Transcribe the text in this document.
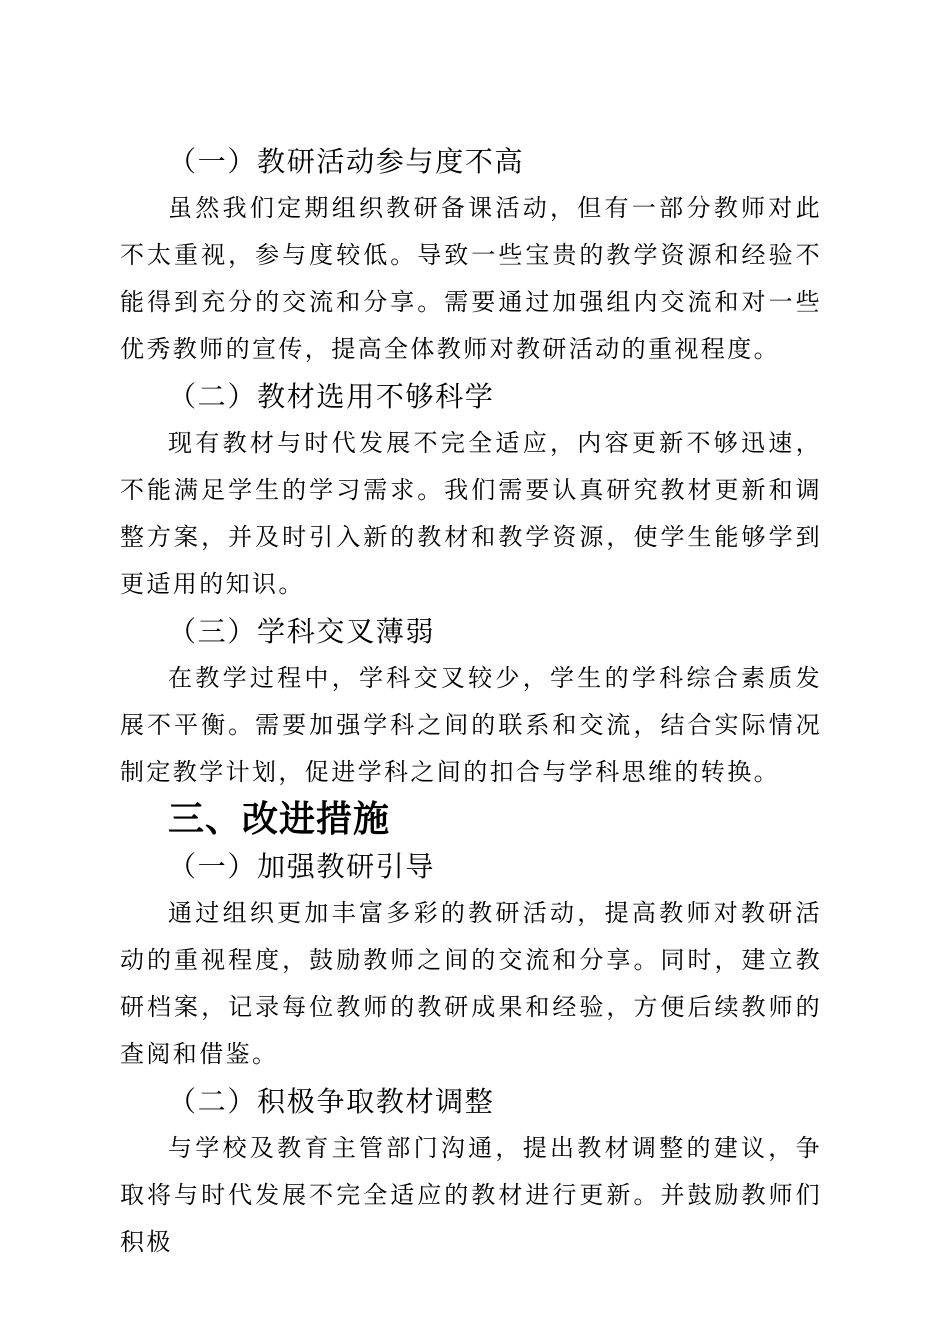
（一）教研活动参与度不高

虽然我们定期组织教研备课活动，但有一部分教师对此不太重视，参与度较低。导致一些宝贵的教学资源和经验不能得到充分的交流和分享。需要通过加强组内交流和对一些优秀教师的宣传，提高全体教师对教研活动的重视程度。

（二）教材选用不够科学

现有教材与时代发展不完全适应，内容更新不够迅速，不能满足学生的学习需求。我们需要认真研究教材更新和调整方案，并及时引入新的教材和教学资源，使学生能够学到更适用的知识。

（三）学科交叉薄弱

在教学过程中，学科交叉较少，学生的学科综合素质发展不平衡。需要加强学科之间的联系和交流，结合实际情况制定教学计划，促进学科之间的扣合与学科思维的转换。

三、改进措施
（一）加强教研引导

通过组织更加丰富多彩的教研活动，提高教师对教研活动的重视程度，鼓励教师之间的交流和分享。同时，建立教研档案，记录每位教师的教研成果和经验，方便后续教师的查阅和借鉴。

（二）积极争取教材调整

与学校及教育主管部门沟通，提出教材调整的建议，争取将与时代发展不完全适应的教材进行更新。并鼓励教师们积极
